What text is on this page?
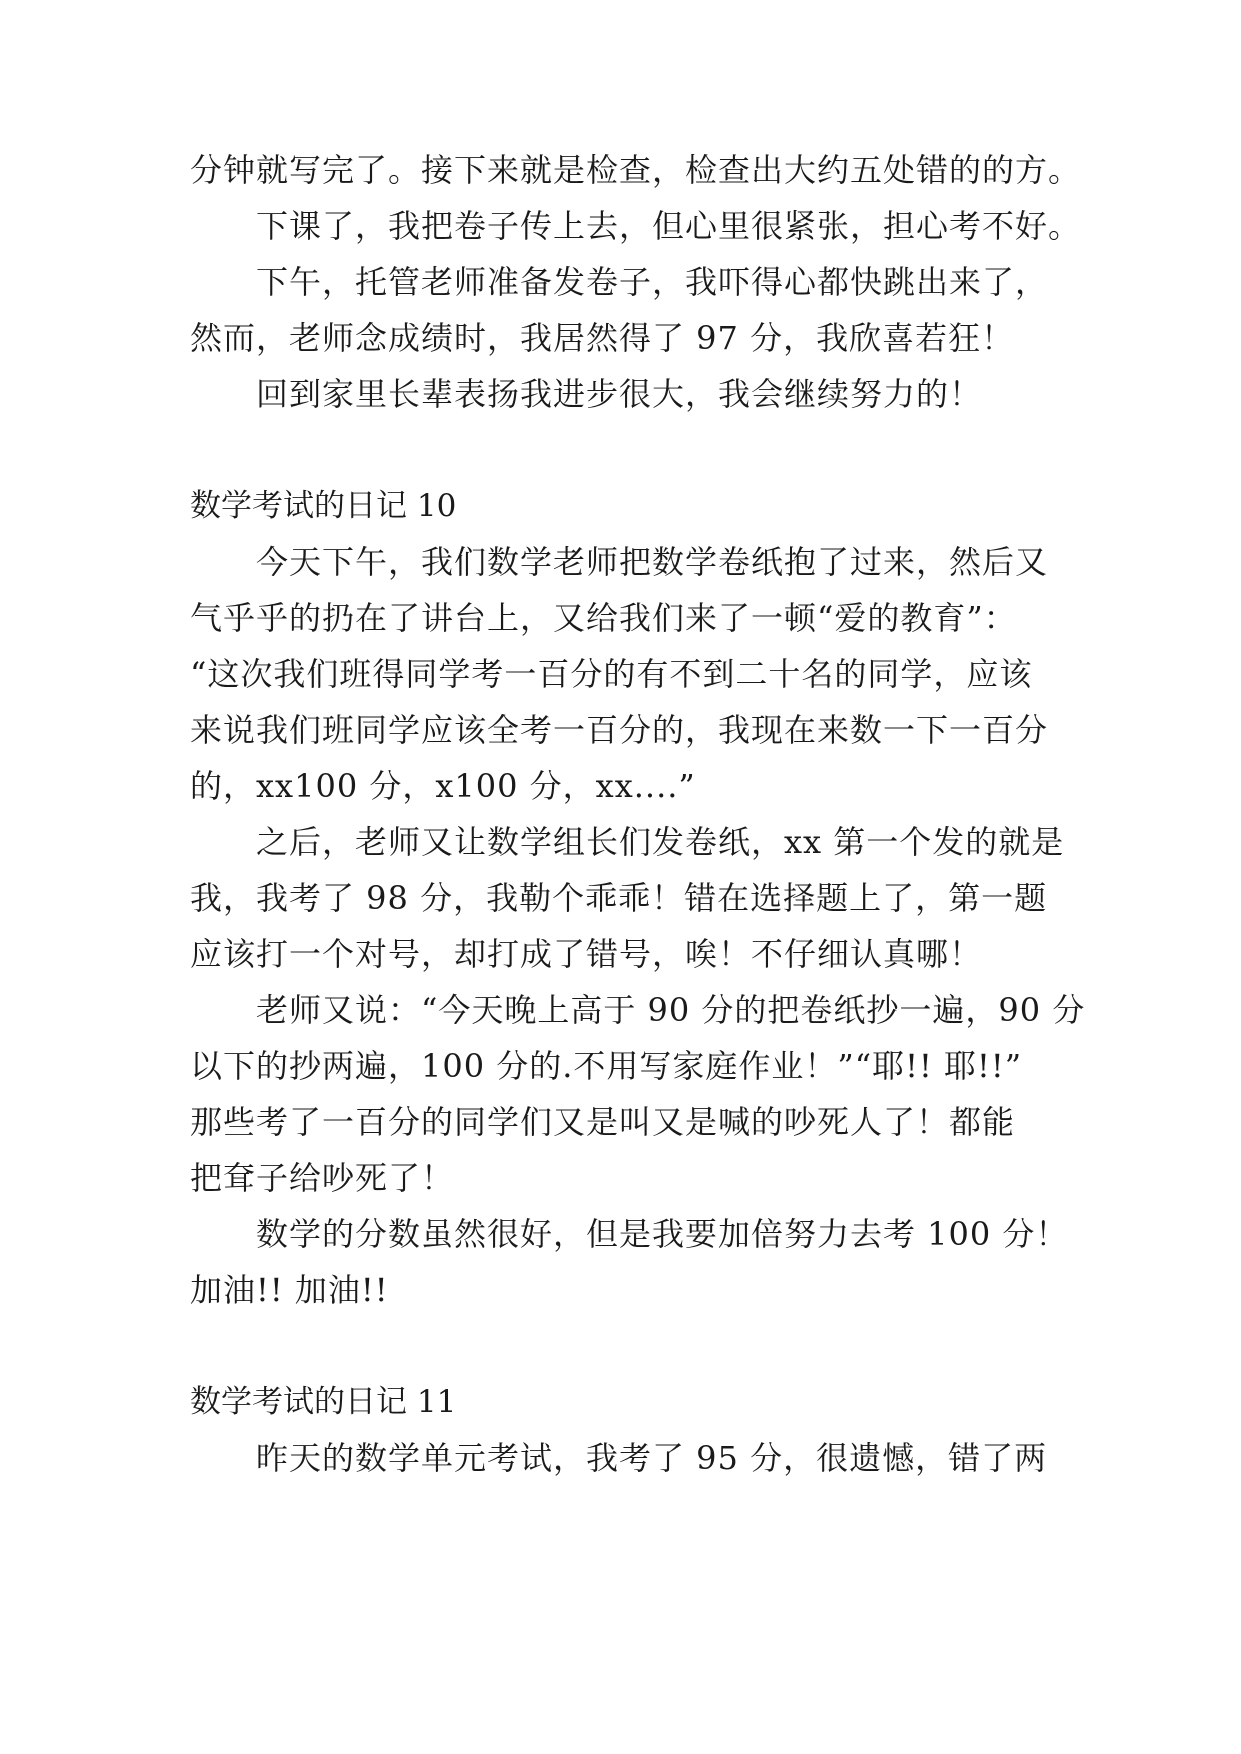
分钟就写完了。接下来就是检查，检查出大约五处错的的方。
下课了，我把卷子传上去，但心里很紧张，担心考不好。
下午，托管老师准备发卷子，我吓得心都快跳出来了，
然而，老师念成绩时，我居然得了 97 分，我欣喜若狂！
回到家里长辈表扬我进步很大，我会继续努力的！
数学考试的日记 10
今天下午，我们数学老师把数学卷纸抱了过来，然后又
气乎乎的扔在了讲台上，又给我们来了一顿“爱的教育”：
“这次我们班得同学考一百分的有不到二十名的同学，应该
来说我们班同学应该全考一百分的，我现在来数一下一百分
的，xx100 分，x100 分，xx....”
之后，老师又让数学组长们发卷纸，xx 第一个发的就是
我，我考了 98 分，我勒个乖乖！错在选择题上了，第一题
应该打一个对号，却打成了错号，唉！不仔细认真哪！
老师又说：“今天晚上高于 90 分的把卷纸抄一遍，90 分
以下的抄两遍，100 分的.不用写家庭作业！”“耶!! 耶!!”
那些考了一百分的同学们又是叫又是喊的吵死人了！都能
把耷子给吵死了！
数学的分数虽然很好，但是我要加倍努力去考 100 分！
加油!! 加油!!
数学考试的日记 11
昨天的数学单元考试，我考了 95 分，很遗憾，错了两
